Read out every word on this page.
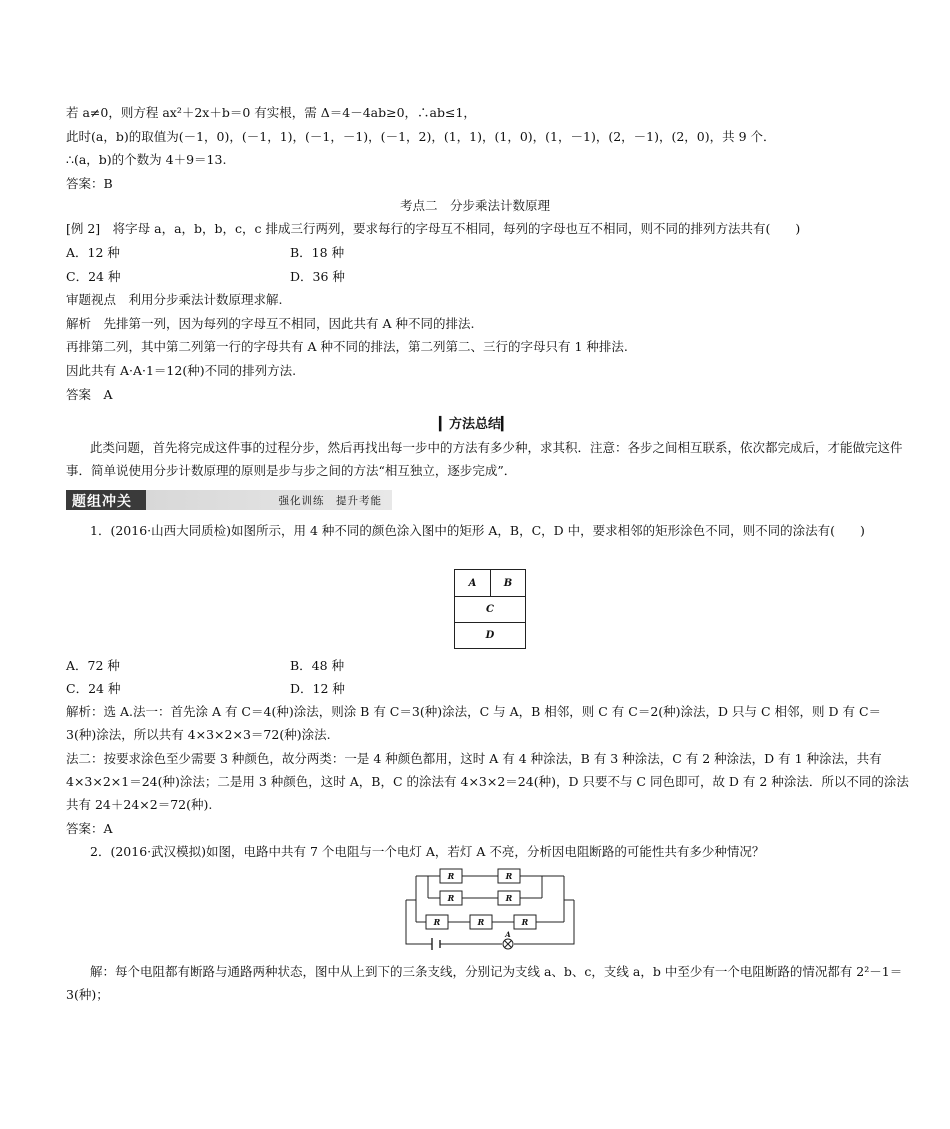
若 a≠0，则方程 ax²＋2x＋b＝0 有实根，需 Δ＝4－4ab≥0，∴ab≤1，
此时(a，b)的取值为(－1，0)，(－1，1)，(－1，－1)，(－1，2)，(1，1)，(1，0)，(1，－1)，(2，－1)，(2，0)，共 9 个．
∴(a，b)的个数为 4＋9＝13.
答案：B
考点二　分步乘法计数原理
[例 2]　将字母 a，a，b，b，c，c 排成三行两列，要求每行的字母互不相同，每列的字母也互不相同，则不同的排列方法共有(　　)
A．12 种	B．18 种
C．24 种	D．36 种
审题视点　利用分步乘法计数原理求解.
解析　先排第一列，因为每列的字母互不相同，因此共有 A 种不同的排法.
再排第二列，其中第二列第一行的字母共有 A 种不同的排法，第二列第二、三行的字母只有 1 种排法.
因此共有 A·A·1＝12(种)不同的排列方法.
答案　A
▎方法总结▎
此类问题，首先将完成这件事的过程分步，然后再找出每一步中的方法有多少种，求其积．注意：各步之间相互联系，依次都完成后，才能做完这件事．简单说使用分步计数原理的原则是步与步之间的方法“相互独立，逐步完成”．
题组冲关	强化训练　提升考能
1．(2016·山西大同质检)如图所示，用 4 种不同的颜色涂入图中的矩形 A，B，C，D 中，要求相邻的矩形涂色不同，则不同的涂法有(　　)
A	B
C
D
A．72 种	B．48 种
C．24 种	D．12 种
解析：选 A.法一：首先涂 A 有 C＝4(种)涂法，则涂 B 有 C＝3(种)涂法，C 与 A，B 相邻，则 C 有 C＝2(种)涂法，D 只与 C 相邻，则 D 有 C＝3(种)涂法，所以共有 4×3×2×3＝72(种)涂法.
法二：按要求涂色至少需要 3 种颜色，故分两类：一是 4 种颜色都用，这时 A 有 4 种涂法，B 有 3 种涂法，C 有 2 种涂法，D 有 1 种涂法，共有 4×3×2×1＝24(种)涂法；二是用 3 种颜色，这时 A，B，C 的涂法有 4×3×2＝24(种)，D 只要不与 C 同色即可，故 D 有 2 种涂法．所以不同的涂法共有 24＋24×2＝72(种).
答案：A
2．(2016·武汉模拟)如图，电路中共有 7 个电阻与一个电灯 A，若灯 A 不亮，分析因电阻断路的可能性共有多少种情况？
R	R
R	R
R	R	R
A
解：每个电阻都有断路与通路两种状态，图中从上到下的三条支线，分别记为支线 a、b、c，支线 a，b 中至少有一个电阻断路的情况都有 2²－1＝3(种)；
